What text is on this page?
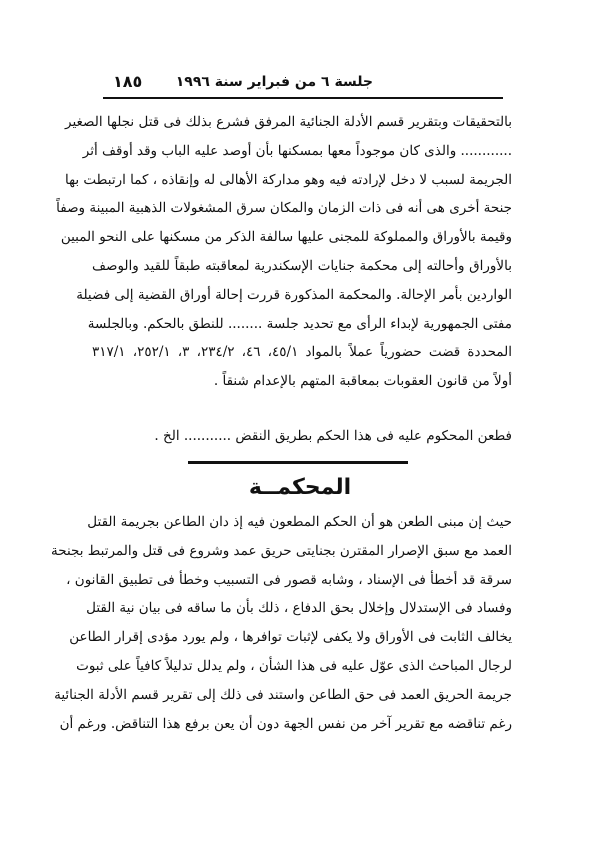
جلسة ٦ من فبراير سنة ١٩٩٦
١٨٥
بالتحقيقات وبتقرير قسم الأدلة الجنائية المرفق فشرع بذلك فى قتل نجلها الصغير
............ والذى كان موجوداً معها بمسكنها بأن أوصد عليه الباب وقد أوقف أثر
الجريمة لسبب لا دخل لإرادته فيه وهو مداركة الأهالى له وإنقاذه ، كما ارتبطت بها
جنحة أخرى هى أنه فى ذات الزمان والمكان سرق المشغولات الذهبية المبينة وصفاً
وقيمة بالأوراق والمملوكة للمجنى عليها سالفة الذكر من مسكنها على النحو المبين
بالأوراق وأحالته إلى محكمة جنايات الإسكندرية لمعاقبته طبقاً للقيد والوصف
الواردين بأمر الإحالة. والمحكمة المذكورة قررت إحالة أوراق القضية إلى فضيلة
مفتى الجمهورية لإبداء الرأى مع تحديد جلسة ........ للنطق بالحكم. وبالجلسة
المحددة قضت حضورياً عملاً بالمواد ٤٥/١، ٤٦، ٢٣٤/٢، ٣، ٢٥٢/١، ٣١٧/١
أولاً من قانون العقوبات بمعاقبة المتهم بالإعدام شنقاً .
فطعن المحكوم عليه فى هذا الحكم بطريق النقض ........... الخ .
المحكمــة
حيث إن مبنى الطعن هو أن الحكم المطعون فيه إذ دان الطاعن بجريمة القتل
العمد مع سبق الإصرار المقترن بجنايتى حريق عمد وشروع فى قتل والمرتبط بجنحة
سرقة قد أخطأ فى الإسناد ، وشابه قصور فى التسبيب وخطأ فى تطبيق القانون ،
وفساد فى الإستدلال وإخلال بحق الدفاع ، ذلك بأن ما ساقه فى بيان نية القتل
يخالف الثابت فى الأوراق ولا يكفى لإثبات توافرها ، ولم يورد مؤدى إقرار الطاعن
لرجال المباحث الذى عوّل عليه فى هذا الشأن ، ولم يدلل تدليلاً كافياً على ثبوت
جريمة الحريق العمد فى حق الطاعن واستند فى ذلك إلى تقرير قسم الأدلة الجنائية
رغم تناقضه مع تقرير آخر من نفس الجهة دون أن يعن برفع هذا التناقض. ورغم أن
